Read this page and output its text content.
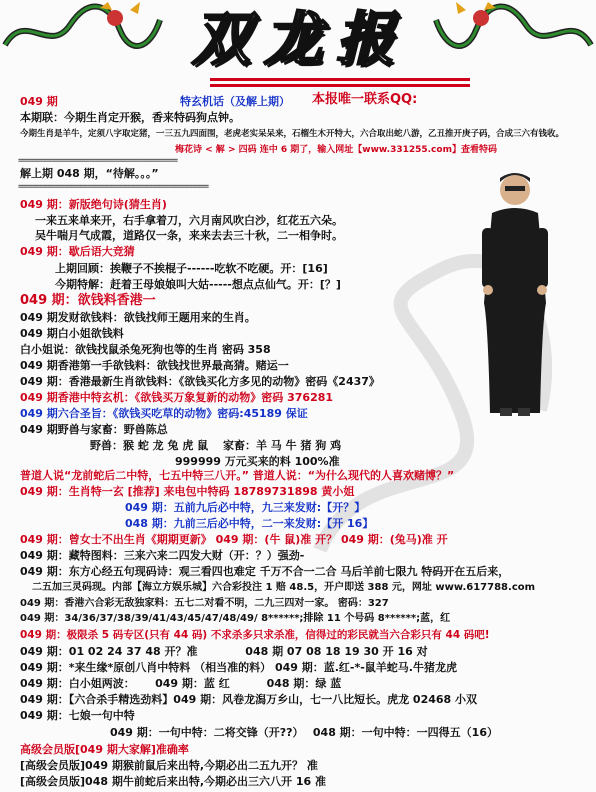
双龙报
049 期	特玄机话（及解上期） 本报唯一联系QQ:
本期联：今期生肖定开猴，香来特码狗点钟。
今期生肖是羊牛，定须八字取定猪，一三五九四面围，老虎老实呆呆来，石榴生木开特大，六合取出蛇八游，乙丑推开庚子码，合成三六有钱收。
梅花诗 < 解 > 四码 连中 6 期了，输入网址【www.331255.com】查看特码
====================================
解上期 048 期，“待解。。。”
===========================================
049 期：新版绝句诗(猜生肖)
一来五来单来开，右手拿着刀，六月南风吹白沙，红花五六朵。
吴牛喘月气成霞，道路仅一条，来来去去三十秋，二一相争时。
049 期：歇后语大竞猜
上期回顾：挨鞭子不挨棍子------吃软不吃硬。开：[16]
今期特解：赶着王母娘娘叫大姑-----想点点仙气。开：[？]
049 期：欲钱料香港一
049 期发财欲钱料：欲钱找师王题用来的生肖。
049 期白小姐欲钱料
白小姐说：欲钱找鼠杀兔死狗也等的生肖 密码 358
049 期香港第一手欲钱料：欲钱找世界最高猜。赌运一
049 期：香港最新生肖欲钱料：《欲钱买化方多见的动物》密码《2437》
049 期香港中特玄机：《欲钱买万象复新的动物》密码 376281
049 期六合圣旨：《欲钱买吃草的动物》密码:45189 保证
049 期野兽与家畜：野兽陈总
野兽：猴 蛇 龙 兔 虎 鼠　 家畜：羊 马 牛 猪 狗 鸡
999999 万元买来的料 100%准
普道人说“龙前蛇后二中特，七五中特三八开。” 普道人说：“为什么现代的人喜欢赌博？”
049 期：生肖特一玄 [推荐] 来电包中特码 18789731898 黄小姐
049 期：五前九后必中特，九三来发财:【开？】
048 期：九前三后必中特，二一来发财:【开 16】
049 期：曾女士不出生肖《期期更新》 049 期：(牛 鼠)准 开？ 049 期：(兔马)准 开
049 期：藏特图料：三来六来二四发大财（开：？）强劲-
049 期：东方心经五句现码诗：观三看四也难定 千万不合一二合 马后羊前七限九 特码开在五后来，
二五加三灵码现。内部【海立方娱乐城】六合彩投注 1 赔 48.5，开户即送 388 元，网址 www.617788.com
049 期：香港六合彩无敌独家料：五七二对看不明，二九三四对一家。 密码：327
049 期：34/36/37/38/39/41/43/45/47/48/49/ 8******;排除 11 个号码 8******;蓝，红
049 期：极限杀 5 码专区(只有 44 码) 不求杀多只求杀准，信得过的彩民就当六合彩只有 44 码吧!
049 期：01 02 24 37 48 开？准　　　　 048 期 07 08 18 19 30 开 16 对
049 期：*来生缘*原创八肖中特料 （相当准的料） 049 期：蓝.红-*-鼠羊蛇马.牛猪龙虎
049 期：白小姐两波：　　 049 期：蓝 红　　　 048 期：绿 蓝
049 期：【六合杀手精选劲料】049 期：风卷龙潟万乡山，七一八比短长。虎龙 02468 小双
049 期：七娘一句中特
049 期：一句中特：二将交锋（开??）　 048 期：一句中特：一四得五（16）
高级会员版[049 期大家解]准确率
[高级会员版]049 期猴前鼠后来出特,今期必出二五九开？ 准
[高级会员版]048 期牛前蛇后来出特,今期必出三六八开 16 准
